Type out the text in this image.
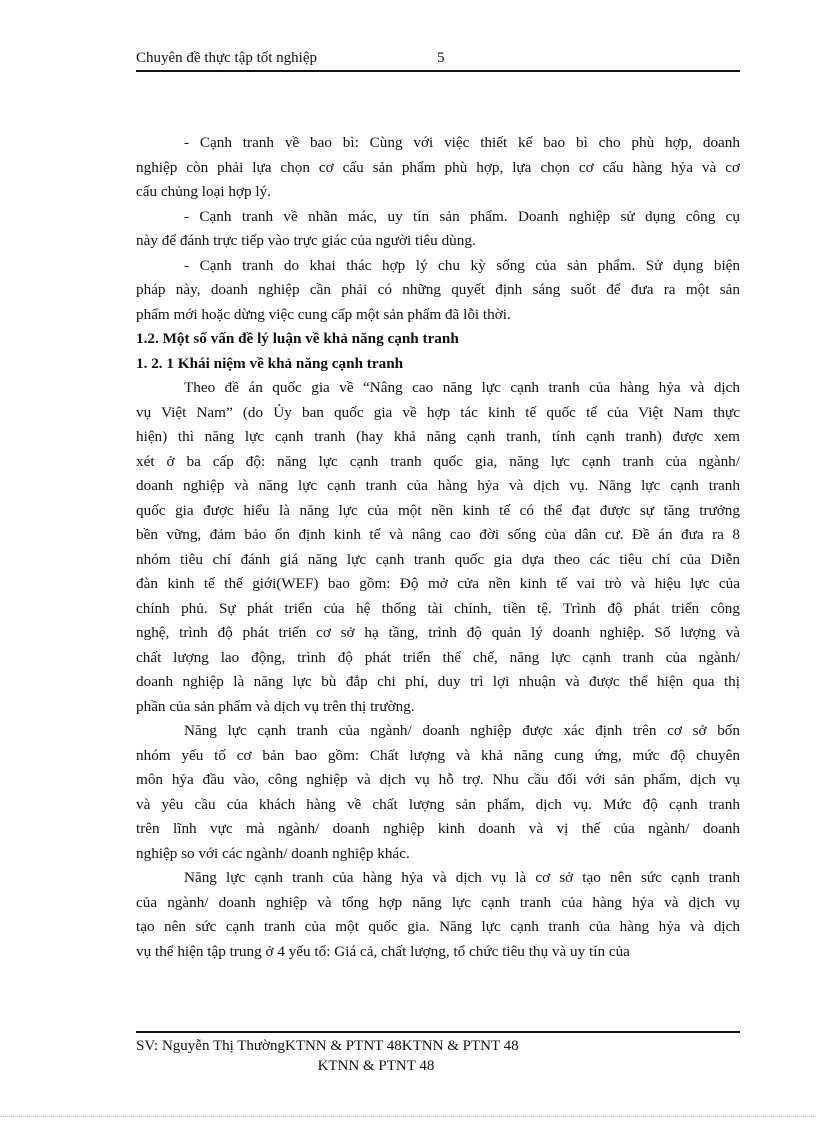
Chuyên đề thực tập tốt nghiệp	5
- Cạnh tranh về bao bì: Cùng với việc thiết kế bao bì cho phù hợp, doanh
nghiệp còn phải lựa chọn cơ cấu sản phẩm phù hợp, lựa chọn cơ cấu hàng hỷa và cơ
cấu chủng loại hợp lý.
- Cạnh tranh về nhãn mác, uy tín sản phẩm. Doanh nghiệp sử dụng công cụ
này để đánh trực tiếp vào trực giác của người tiêu dùng.
- Cạnh tranh do khai thác hợp lý chu kỳ sống của sản phẩm. Sử dụng biện
pháp này, doanh nghiệp cần phải có những quyết định sáng suốt để đưa ra một sản
phẩm mới hoặc dừng việc cung cấp một sản phẩm đã lỗi thời.
1.2. Một số vấn đề lý luận về khả năng cạnh tranh
1. 2. 1 Khái niệm về khả năng cạnh tranh
Theo đề án quốc gia về “Nâng cao năng lực cạnh tranh của hàng hỷa và dịch
vụ Việt Nam” (do Ủy ban quốc gia về hợp tác kinh tế quốc tế của Việt Nam thực
hiện) thì năng lực cạnh tranh (hay khả năng cạnh tranh, tính cạnh tranh) được xem
xét ở ba cấp độ: năng lực cạnh tranh quốc gia, năng lực cạnh tranh của ngành/
doanh nghiệp và năng lực cạnh tranh của hàng hỷa và dịch vụ. Năng lực cạnh tranh
quốc gia được hiểu là năng lực của một nền kinh tế có thể đạt được sự tăng trưởng
bền vững, đảm bảo ổn định kinh tế và nâng cao đời sống của dân cư. Đề án đưa ra 8
nhóm tiêu chí đánh giá năng lực cạnh tranh quốc gia dựa theo các tiêu chí của Diễn
đàn kinh tế thế giới(WEF) bao gồm: Độ mở cửa nền kinh tế vai trò và hiệu lực của
chính phủ. Sự phát triển của hệ thống tài chính, tiền tệ. Trình độ phát triển công
nghệ, trình độ phát triển cơ sở hạ tầng, trình độ quản lý doanh nghiệp. Số lượng và
chất lượng lao động, trình độ phát triển thể chế, năng lực cạnh tranh của ngành/
doanh nghiệp là năng lực bù đắp chi phí, duy trì lợi nhuận và được thể hiện qua thị
phần của sản phẩm và dịch vụ trên thị trường.
Năng lực cạnh tranh của ngành/ doanh nghiệp được xác định trên cơ sở bốn
nhóm yếu tố cơ bản bao gồm: Chất lượng và khả năng cung ứng, mức độ chuyên
môn hỷa đầu vào, công nghiệp và dịch vụ hỗ trợ. Nhu cầu đối với sản phẩm, dịch vụ
và yêu cầu của khách hàng về chất lượng sản phẩm, dịch vụ. Mức độ cạnh tranh
trên lĩnh vực mà ngành/ doanh nghiệp kinh doanh và vị thế của ngành/ doanh
nghiệp so với các ngành/ doanh nghiệp khác.
Năng lực cạnh tranh của hàng hỷa và dịch vụ là cơ sở tạo nên sức cạnh tranh
của ngành/ doanh nghiệp và tổng hợp năng lực cạnh tranh của hàng hỷa và dịch vụ
tạo nên sức cạnh tranh của một quốc gia. Năng lực cạnh tranh của hàng hỷa và dịch
vụ thể hiện tập trung ở 4 yếu tố: Giá cả, chất lượng, tổ chức tiêu thụ và uy tín của
SV: Nguyễn Thị ThườngKTNN & PTNT 48KTNN & PTNT 48
KTNN & PTNT 48
